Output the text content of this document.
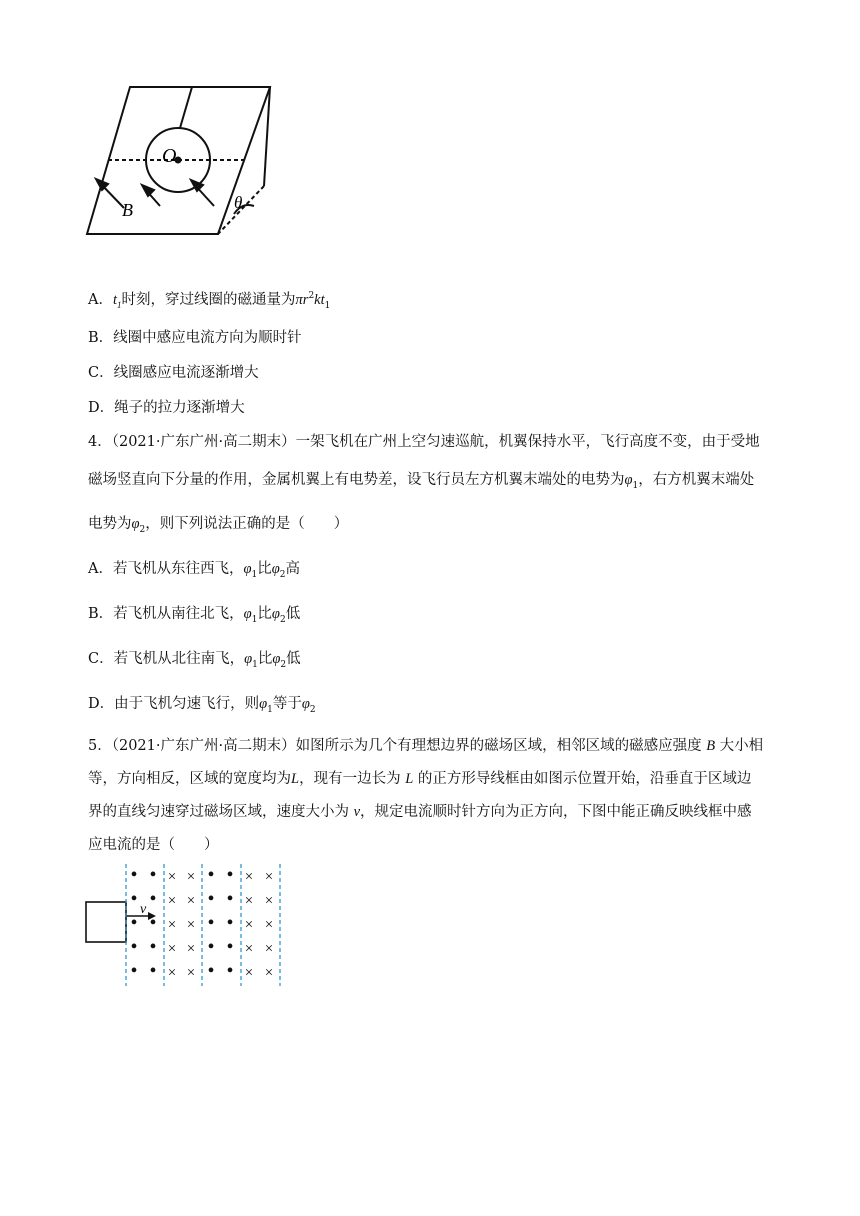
O
B	θ
A．$t_1$时刻，穿过线圈的磁通量为$\pi r^2kt_1$
B．线圈中感应电流方向为顺时针
C．线圈感应电流逐渐增大
D．绳子的拉力逐渐增大
4．（2021·广东广州·高二期末）一架飞机在广州上空匀速巡航，机翼保持水平，飞行高度不变，由于受地
磁场竖直向下分量的作用，金属机翼上有电势差，设飞行员左方机翼末端处的电势为$\varphi_1$，右方机翼末端处
电势为$\varphi_2$，则下列说法正确的是（　　）
A．若飞机从东往西飞，$\varphi_1$比$\varphi_2$高
B．若飞机从南往北飞，$\varphi_1$比$\varphi_2$低
C．若飞机从北往南飞，$\varphi_1$比$\varphi_2$低
D．由于飞机匀速飞行，则$\varphi_1$等于$\varphi_2$
5．（2021·广东广州·高二期末）如图所示为几个有理想边界的磁场区域，相邻区域的磁感应强度 B 大小相
等，方向相反，区域的宽度均为L，现有一边长为 L 的正方形导线框由如图示位置开始，沿垂直于区域边
界的直线匀速穿过磁场区域，速度大小为 v，规定电流顺时针方向为正方向，下图中能正确反映线框中感
应电流的是（　　）
v
• • × × • • × ×
• • × × • • × ×
• • × × • • × ×
• • × × • • × ×
• • × × • • × ×
